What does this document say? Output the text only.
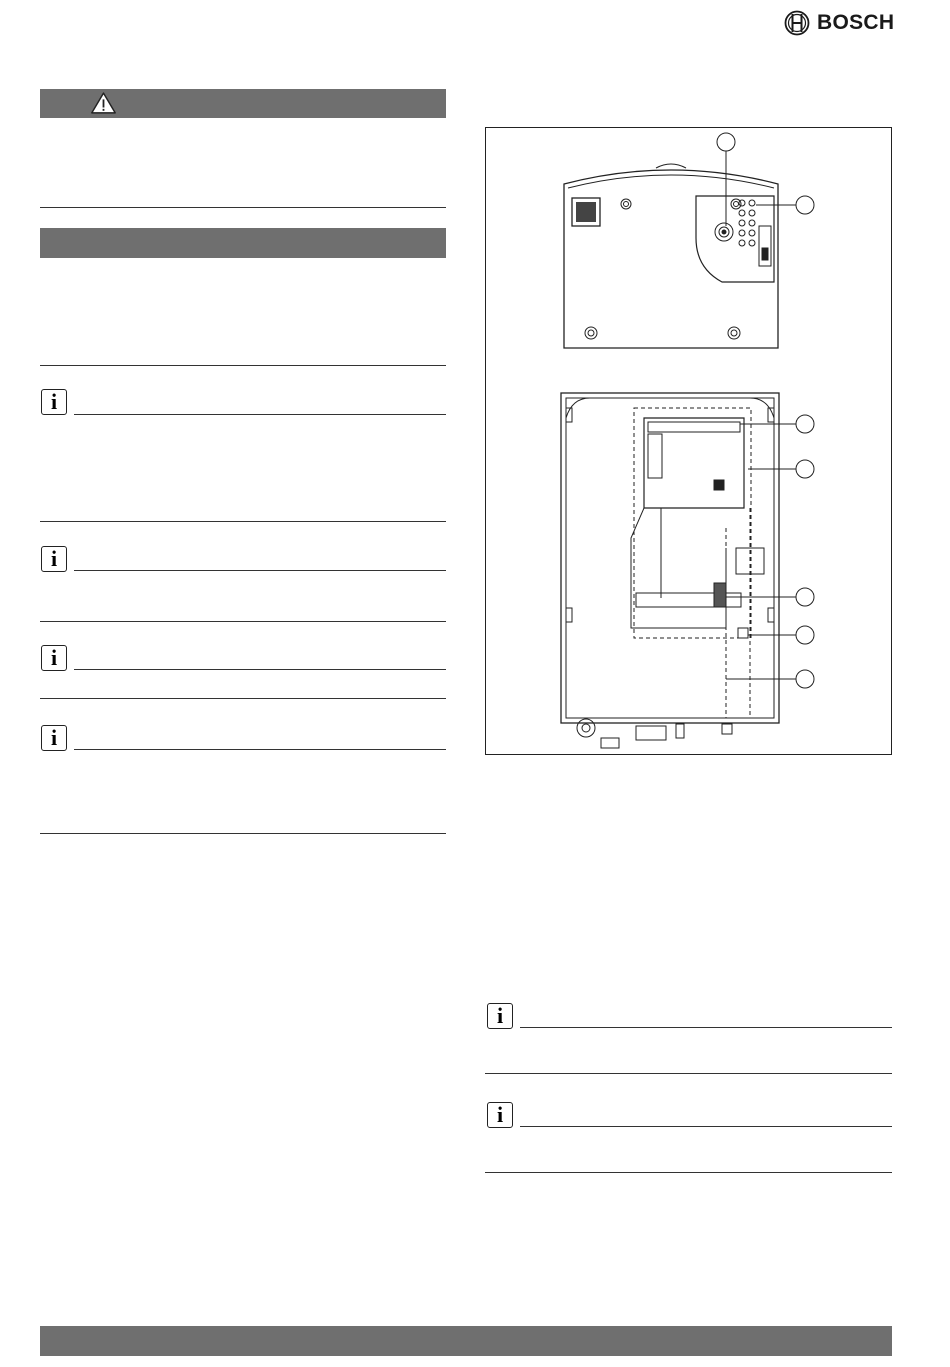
BOSCH
i
i
i
i
i
i
